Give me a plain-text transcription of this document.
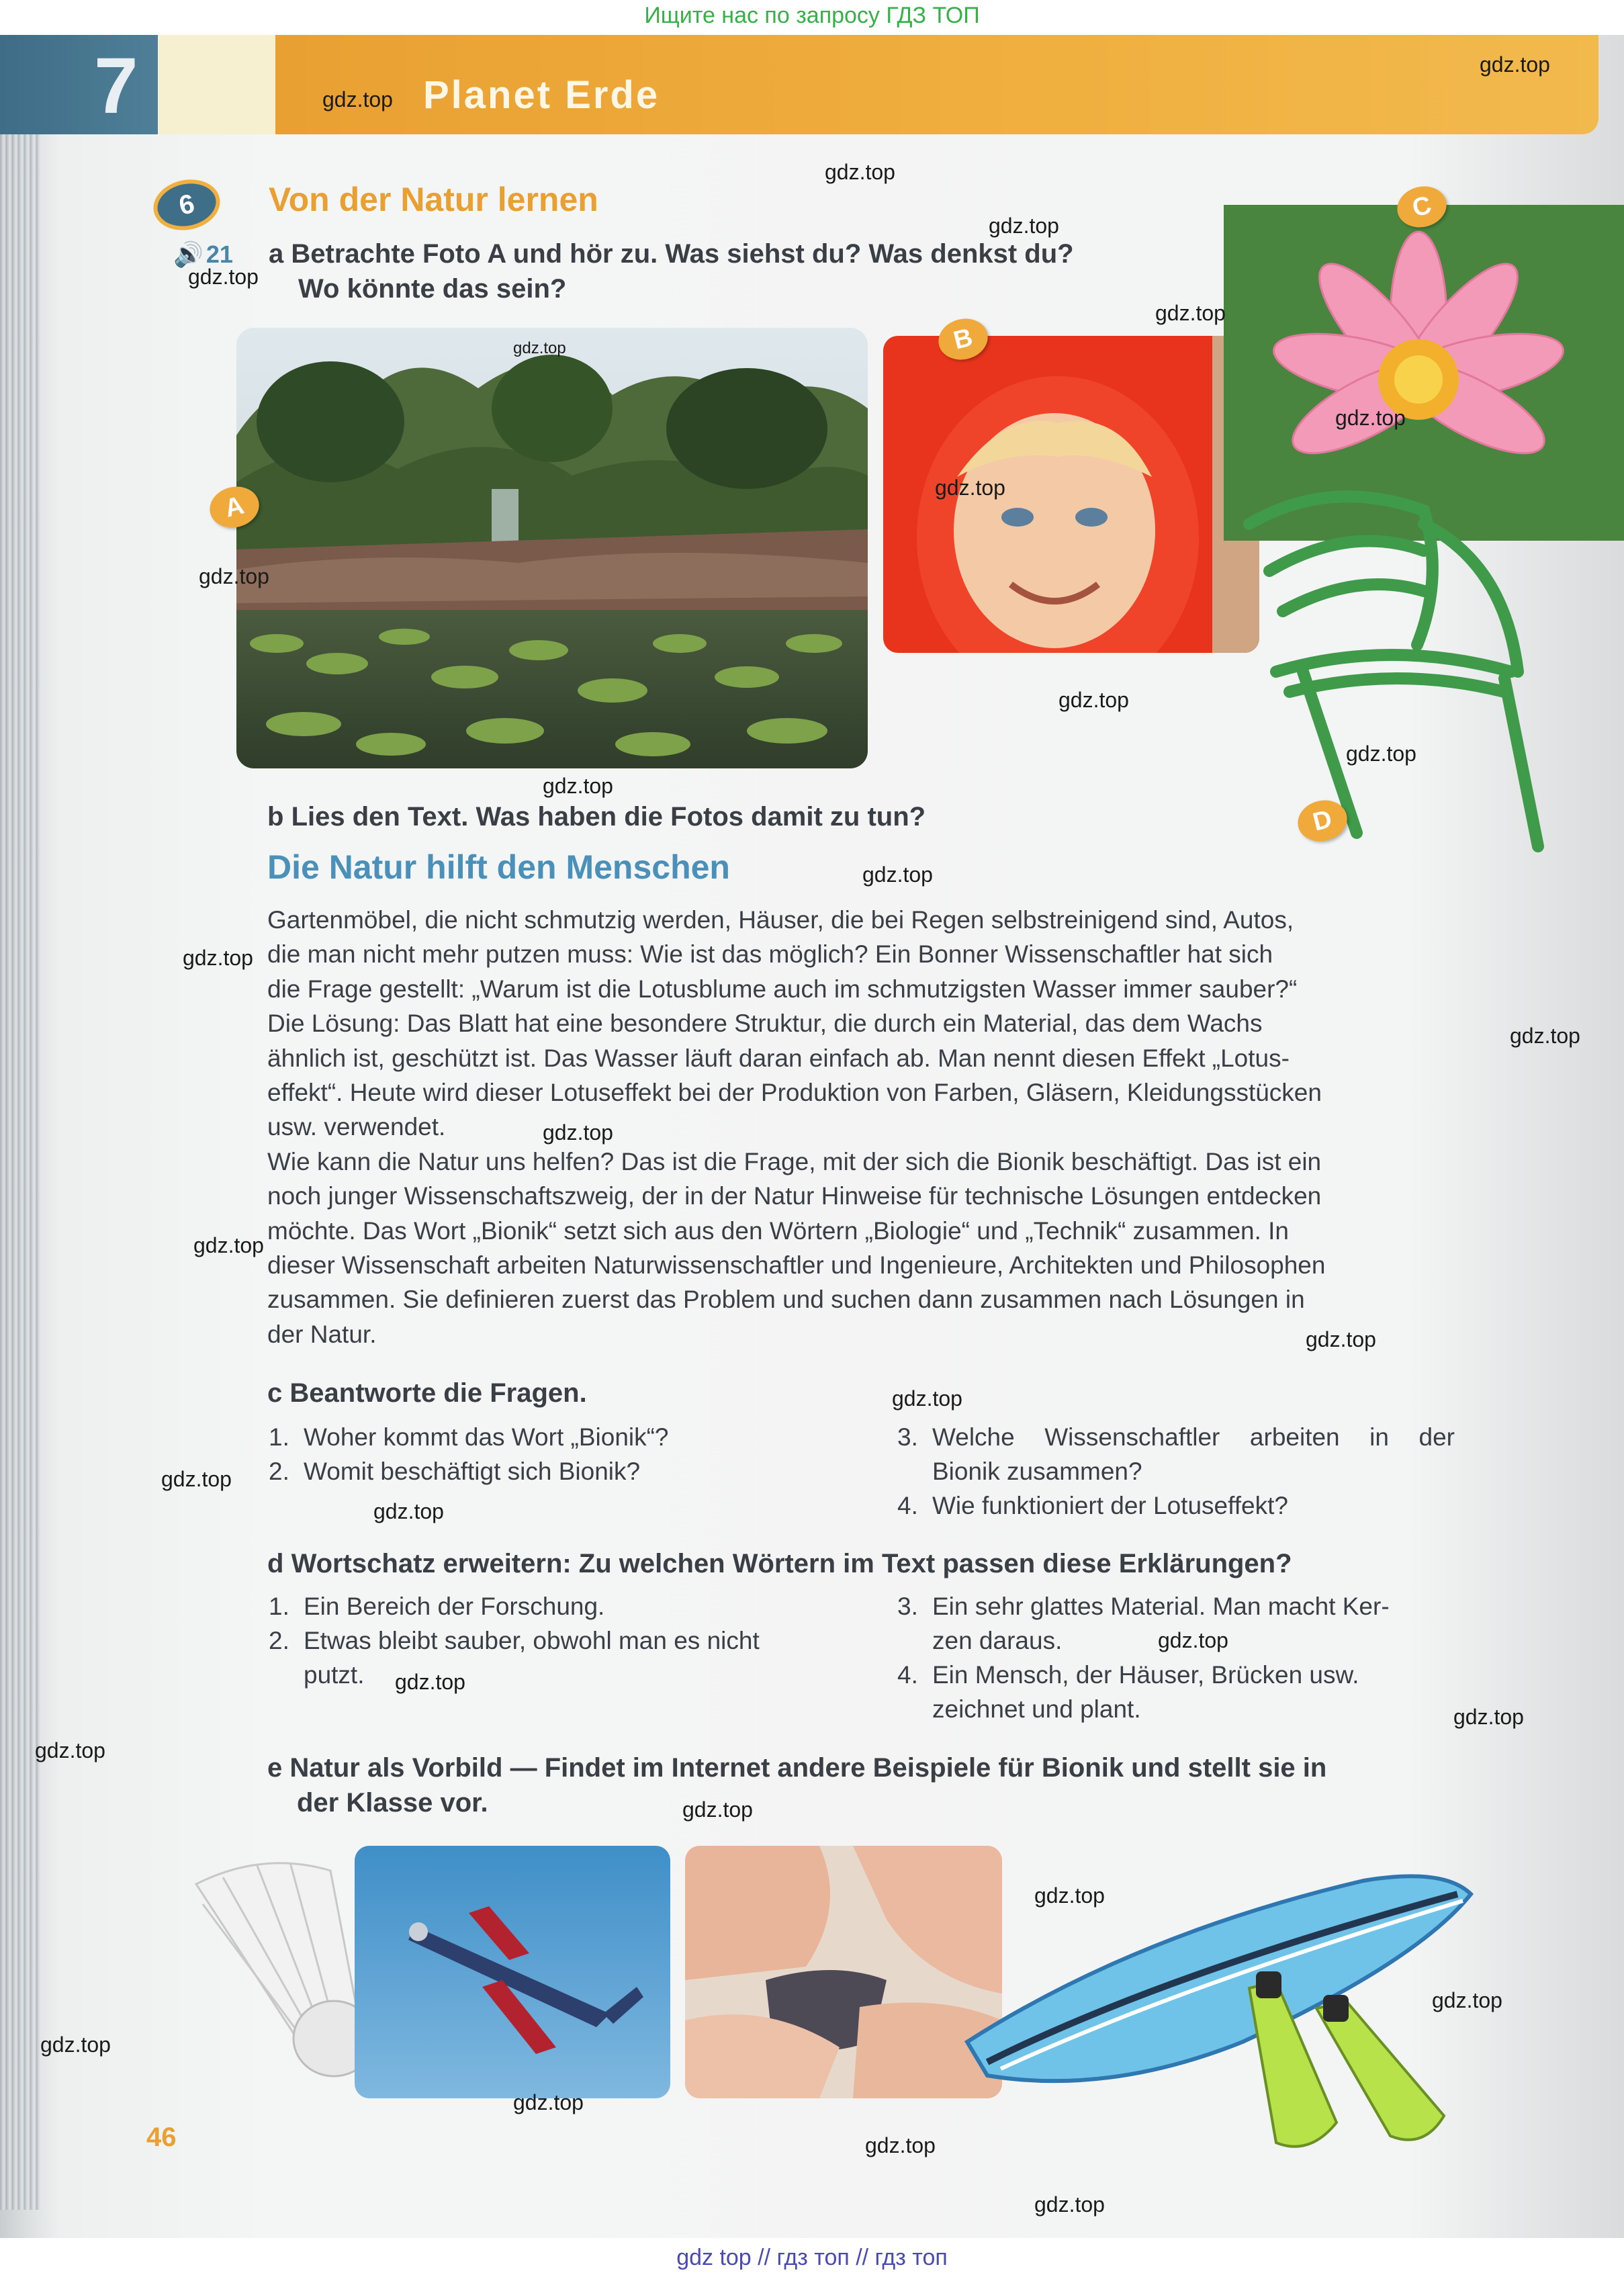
Ищите нас по запросу ГДЗ ТОП
7	Planet Erde
6	Von der Natur lernen
🔊 21 a Betrachte Foto A und hör zu. Was siehst du? Was denkst du?
Wo könnte das sein?
A
B
C
D
b Lies den Text. Was haben die Fotos damit zu tun?
Die Natur hilft den Menschen
Gartenmöbel, die nicht schmutzig werden, Häuser, die bei Regen selbstreinigend sind, Autos,
die man nicht mehr putzen muss: Wie ist das möglich? Ein Bonner Wissenschaftler hat sich
die Frage gestellt: „Warum ist die Lotusblume auch im schmutzigsten Wasser immer sauber?“
Die Lösung: Das Blatt hat eine besondere Struktur, die durch ein Material, das dem Wachs
ähnlich ist, geschützt ist. Das Wasser läuft daran einfach ab. Man nennt diesen Effekt „Lotus-
effekt“. Heute wird dieser Lotuseffekt bei der Produktion von Farben, Gläsern, Kleidungsstücken
usw. verwendet.
Wie kann die Natur uns helfen? Das ist die Frage, mit der sich die Bionik beschäftigt. Das ist ein
noch junger Wissenschaftszweig, der in der Natur Hinweise für technische Lösungen entdecken
möchte. Das Wort „Bionik“ setzt sich aus den Wörtern „Biologie“ und „Technik“ zusammen. In
dieser Wissenschaft arbeiten Naturwissenschaftler und Ingenieure, Architekten und Philosophen
zusammen. Sie definieren zuerst das Problem und suchen dann zusammen nach Lösungen in
der Natur.
c Beantworte die Fragen.
1. Woher kommt das Wort „Bionik“?
2. Womit beschäftigt sich Bionik?
3. Welche Wissenschaftler arbeiten in der
Bionik zusammen?
4. Wie funktioniert der Lotuseffekt?
d Wortschatz erweitern: Zu welchen Wörtern im Text passen diese Erklärungen?
1. Ein Bereich der Forschung.
2. Etwas bleibt sauber, obwohl man es nicht
putzt.
3. Ein sehr glattes Material. Man macht Ker-
zen daraus.
4. Ein Mensch, der Häuser, Brücken usw.
zeichnet und plant.
e Natur als Vorbild — Findet im Internet andere Beispiele für Bionik und stellt sie in
der Klasse vor.
46
gdz.top
gdz.top
gdz.top
gdz.top
gdz.top
gdz.top
gdz.top
gdz.top
gdz.top
gdz.top
gdz.top
gdz.top
gdz.top
gdz.top
gdz.top
gdz.top
gdz.top
gdz.top
gdz.top
gdz.top
gdz.top
gdz.top
gdz.top
gdz.top
gdz.top
gdz.top
gdz.top
gdz.top
gdz.top
gdz.top
gdz.top
gdz.top
gdz.top
gdz top // гдз топ // гдз топ
